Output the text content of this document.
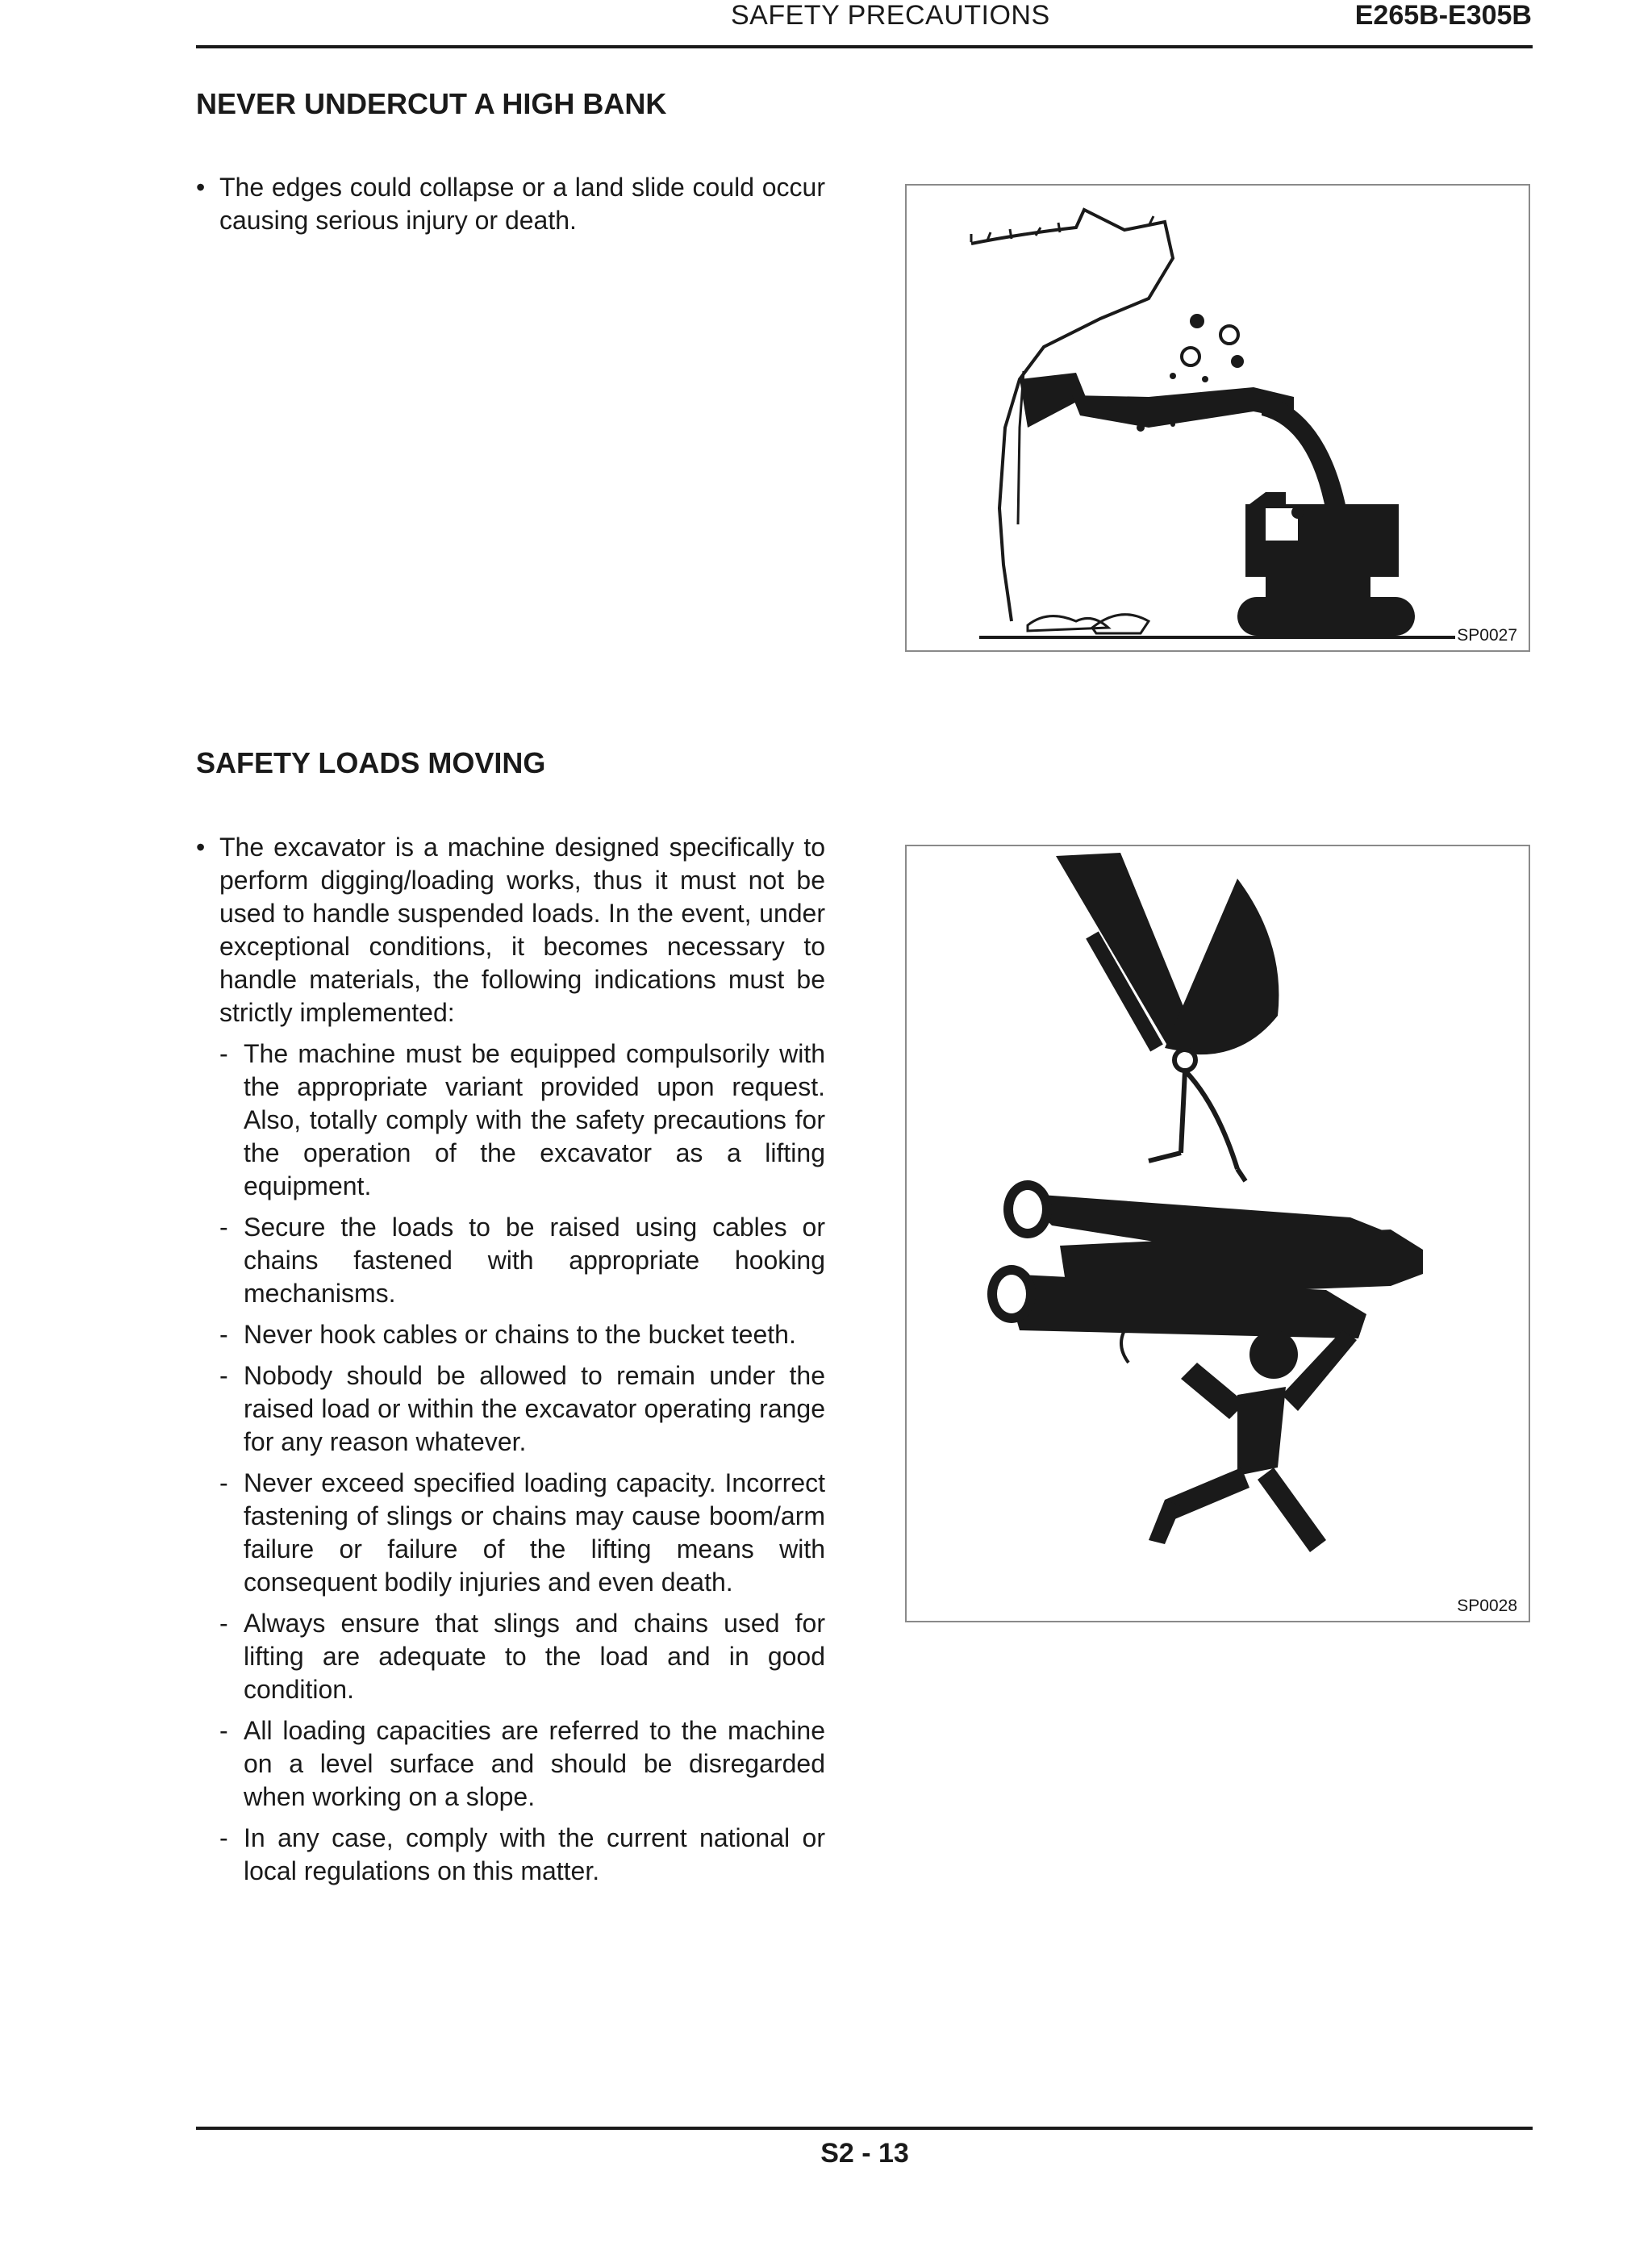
SAFETY PRECAUTIONS	E265B-E305B
NEVER UNDERCUT A HIGH BANK

• The edges could collapse or a land slide could occur causing serious injury or death.

SP0027
SAFETY LOADS MOVING

• The excavator is a machine designed specifically to perform digging/loading works, thus it must not be used to handle suspended loads. In the event, under exceptional conditions, it becomes necessary to handle materials, the following indications must be strictly implemented:

- The machine must be equipped compulsorily with the appropriate variant provided upon request. Also, totally comply with the safety precautions for the operation of the excavator as a lifting equipment.

- Secure the loads to be raised using cables or chains fastened with appropriate hooking mechanisms.

- Never hook cables or chains to the bucket teeth.

- Nobody should be allowed to remain under the raised load or within the excavator operating range for any reason whatever.

- Never exceed specified loading capacity. Incorrect fastening of slings or chains may cause boom/arm failure or failure of the lifting means with consequent bodily injuries and even death.

- Always ensure that slings and chains used for lifting are adequate to the load and in good condition.

- All loading capacities are referred to the machine on a level surface and should be disregarded when working on a slope.

- In any case, comply with the current national or local regulations on this matter.

SP0028
S2 - 13
